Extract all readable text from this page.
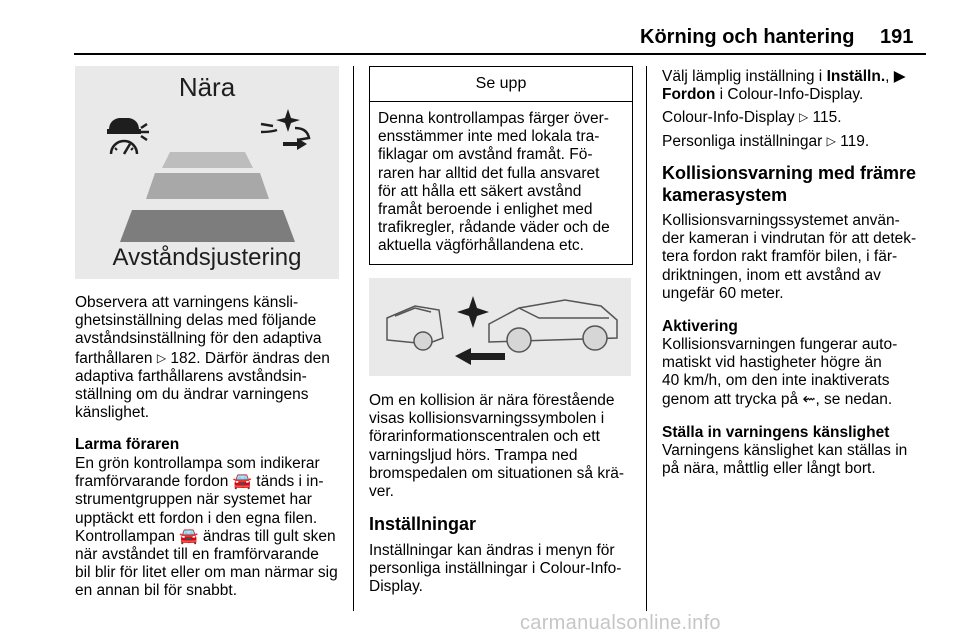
Körning och hantering 191
Nära
Avståndsjustering
Observera att varningens känsli-
ghetsinställning delas med följande
avståndsinställning för den adaptiva
farthållaren ▷ 182. Därför ändras den
adaptiva farthållarens avståndsin-
ställning om du ändrar varningens
känslighet.
Larma föraren
En grön kontrollampa som indikerar
framförvarande fordon 🚘 tänds i in-
strumentgruppen när systemet har
upptäckt ett fordon i den egna filen.
Kontrollampan 🚘 ändras till gult sken
när avståndet till en framförvarande
bil blir för litet eller om man närmar sig
en annan bil för snabbt.
Se upp
Denna kontrollampas färger över-
ensstämmer inte med lokala tra-
fiklagar om avstånd framåt. Fö-
raren har alltid det fulla ansvaret
för att hålla ett säkert avstånd
framåt beroende i enlighet med
trafikregler, rådande väder och de
aktuella vägförhållandena etc.
Om en kollision är nära förestående
visas kollisionsvarningssymbolen i
förarinformationscentralen och ett
varningsljud hörs. Trampa ned
bromspedalen om situationen så krä-
ver.
Inställningar
Inställningar kan ändras i menyn för
personliga inställningar i Colour-Info-
Display.
Välj lämplig inställning i Inställn., ▶
Fordon i Colour-Info-Display.
Colour-Info-Display ▷ 115.
Personliga inställningar ▷ 119.
Kollisionsvarning med främre
kamerasystem
Kollisionsvarningssystemet använ-
der kameran i vindrutan för att detek-
tera fordon rakt framför bilen, i fär-
driktningen, inom ett avstånd av
ungefär 60 meter.
Aktivering
Kollisionsvarningen fungerar auto-
matiskt vid hastigheter högre än
40 km/h, om den inte inaktiverats
genom att trycka på ⇜, se nedan.
Ställa in varningens känslighet
Varningens känslighet kan ställas in
på nära, måttlig eller långt bort.
carmanualsonline.info
